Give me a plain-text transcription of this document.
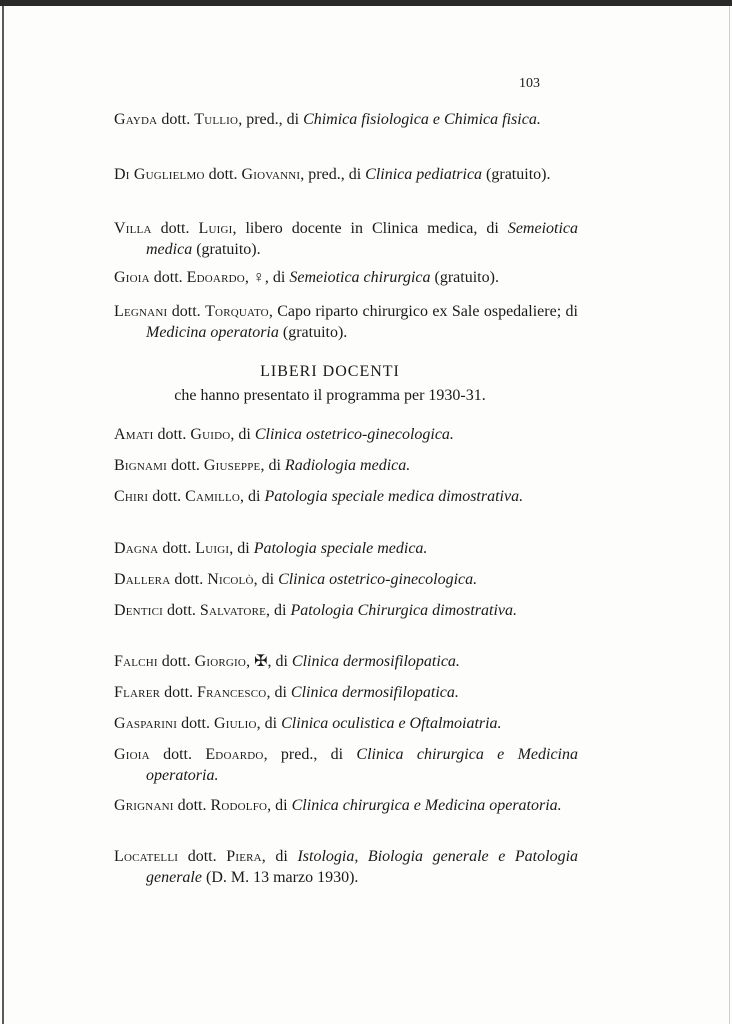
103
Gayda dott. Tullio, pred., di Chimica fisiologica e Chimica fisica.
Di Guglielmo dott. Giovanni, pred., di Clinica pediatrica (gratuito).
Villa dott. Luigi, libero docente in Clinica medica, di Semeiotica medica (gratuito).
Gioia dott. Edoardo, ♀, di Semeiotica chirurgica (gratuito).
Legnani dott. Torquato, Capo riparto chirurgico ex Sale ospedaliere; di Medicina operatoria (gratuito).
LIBERI DOCENTI
che hanno presentato il programma per 1930-31.
Amati dott. Guido, di Clinica ostetrico-ginecologica.
Bignami dott. Giuseppe, di Radiologia medica.
Chiri dott. Camillo, di Patologia speciale medica dimostrativa.
Dagna dott. Luigi, di Patologia speciale medica.
Dallera dott. Nicolò, di Clinica ostetrico-ginecologica.
Dentici dott. Salvatore, di Patologia Chirurgica dimostrativa.
Falchi dott. Giorgio, ✠, di Clinica dermosifilopatica.
Flarer dott. Francesco, di Clinica dermosifilopatica.
Gasparini dott. Giulio, di Clinica oculistica e Oftalmoiatria.
Gioia dott. Edoardo, pred., di Clinica chirurgica e Medicina operatoria.
Grignani dott. Rodolfo, di Clinica chirurgica e Medicina operatoria.
Locatelli dott. Piera, di Istologia, Biologia generale e Patologia generale (D. M. 13 marzo 1930).
